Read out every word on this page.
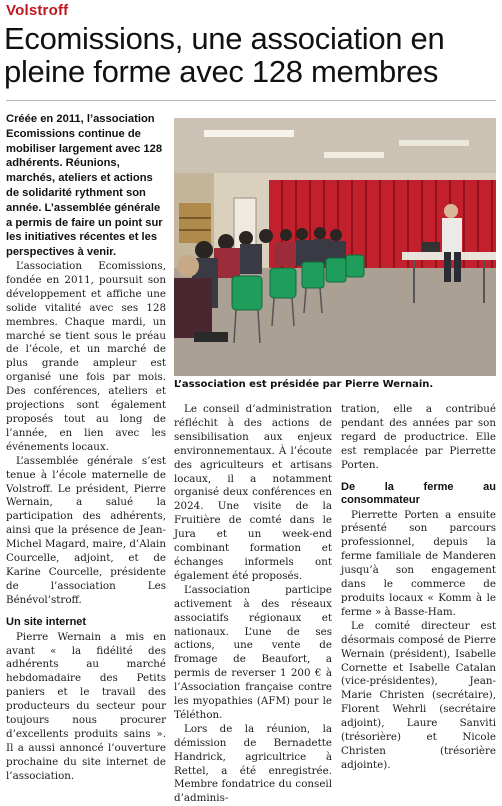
Volstroff
Ecomissions, une association en pleine forme avec 128 membres
Créée en 2011, l’association Ecomissions continue de mobiliser largement avec 128 adhérents. Réunions, marchés, ateliers et actions de solidarité rythment son année. L’assemblée générale a permis de faire un point sur les initiatives récentes et les perspectives à venir.
L’association est présidée par Pierre Wernain.

L’association Ecomissions, fondée en 2011, poursuit son développement et affiche une solide vitalité avec ses 128 membres. Chaque mardi, un marché se tient sous le préau de l’école, et un marché de plus grande ampleur est organisé une fois par mois. Des conférences, ateliers et projections sont également proposés tout au long de l’année, en lien avec les événements locaux.

L’assemblée générale s’est tenue à l’école maternelle de Volstroff. Le président, Pierre Wernain, a salué la participation des adhérents, ainsi que la présence de Jean-Michel Magard, maire, d’Alain Courcelle, adjoint, et de Karine Courcelle, présidente de l’association Les Bénévol’stroff.

Un site internet

Pierre Wernain a mis en avant « la fidélité des adhérents au marché hebdomadaire des Petits paniers et le travail des producteurs du secteur pour toujours nous procurer d’excellents produits sains ». Il a aussi annoncé l’ouverture prochaine du site internet de l’association.

Le conseil d’administration réfléchit à des actions de sensibilisation aux enjeux environnementaux. À l’écoute des agriculteurs et artisans locaux, il a notamment organisé deux conférences en 2024. Une visite de la Fruitière de comté dans le Jura et un week-end combinant formation et échanges informels ont également été proposés.

L’association participe activement à des réseaux associatifs régionaux et nationaux. L’une de ses actions, une vente de fromage de Beaufort, a permis de reverser 1 200 € à l’Association française contre les myopathies (AFM) pour le Téléthon.

Lors de la réunion, la démission de Bernadette Handrick, agricultrice à Rettel, a été enregistrée. Membre fondatrice du conseil d’adminis-

tration, elle a contribué pendant des années par son regard de productrice. Elle est remplacée par Pierrette Porten.

De la ferme au consommateur

Pierrette Porten a ensuite présenté son parcours professionnel, depuis la ferme familiale de Manderen jusqu’à son engagement dans le commerce de produits locaux « Komm à le ferme » à Basse-Ham.

Le comité directeur est désormais composé de Pierre Wernain (président), Isabelle Cornette et Isabelle Catalan (vice-présidentes), Jean-Marie Christen (secrétaire), Florent Wehrli (secrétaire adjoint), Laure Sanviti (trésorière) et Nicole Christen (trésorière adjointe).
